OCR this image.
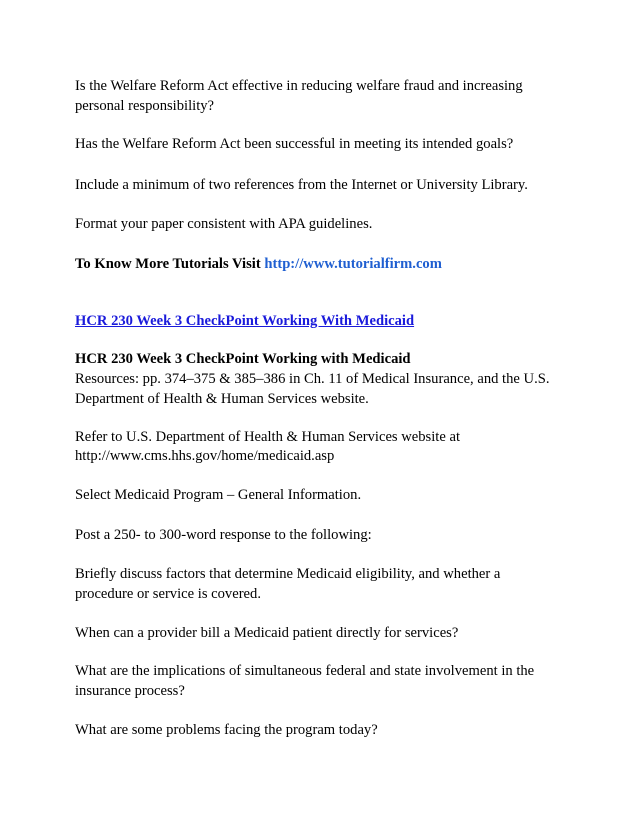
Is the Welfare Reform Act effective in reducing welfare fraud and increasing
personal responsibility?
Has the Welfare Reform Act been successful in meeting its intended goals?
Include a minimum of two references from the Internet or University Library.
Format your paper consistent with APA guidelines.
To Know More Tutorials Visit http://www.tutorialfirm.com
HCR 230 Week 3 CheckPoint Working With Medicaid
HCR 230 Week 3 CheckPoint Working with Medicaid
Resources: pp. 374–375 & 385–386 in Ch. 11 of Medical Insurance, and the U.S.
Department of Health & Human Services website.
Refer to U.S. Department of Health & Human Services website at
http://www.cms.hhs.gov/home/medicaid.asp
Select Medicaid Program – General Information.
Post a 250- to 300-word response to the following:
Briefly discuss factors that determine Medicaid eligibility, and whether a
procedure or service is covered.
When can a provider bill a Medicaid patient directly for services?
What are the implications of simultaneous federal and state involvement in the
insurance process?
What are some problems facing the program today?
